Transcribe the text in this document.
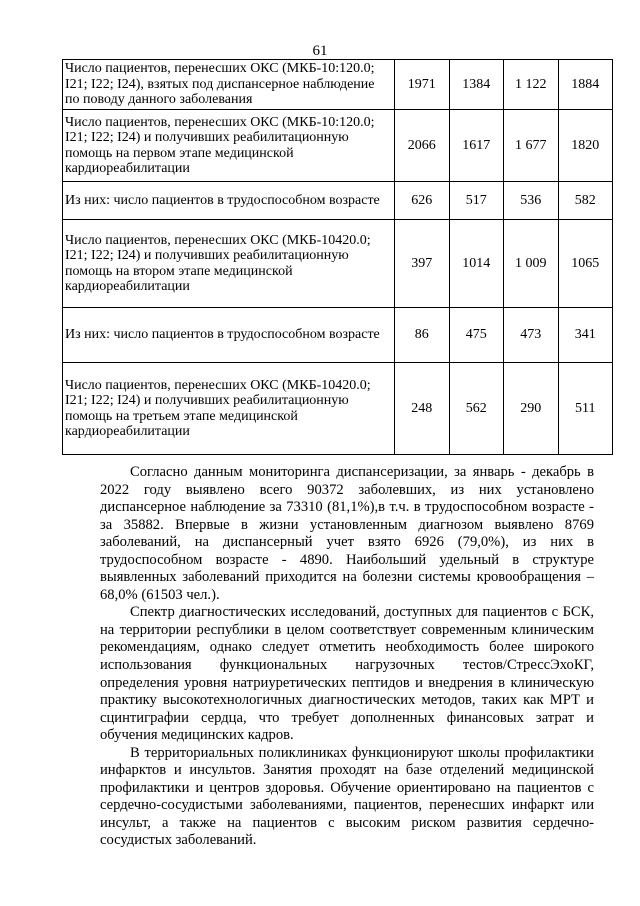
61
Число пациентов, перенесших ОКС (МКБ-10:120.0; I21; I22; I24), взятых под диспансерное наблюдение по поводу данного заболевания	1971	1384	1 122	1884
Число пациентов, перенесших ОКС (МКБ-10:120.0; I21; I22; I24) и получивших реабилитационную помощь на первом этапе медицинской кардиореабилитации	2066	1617	1 677	1820
Из них: число пациентов в трудоспособном возрасте	626	517	536	582
Число пациентов, перенесших ОКС (МКБ-10420.0; I21; I22; I24) и получивших реабилитационную помощь на втором этапе медицинской кардиореабилитации	397	1014	1 009	1065
Из них: число пациентов в трудоспособном возрасте	86	475	473	341
Число пациентов, перенесших ОКС (МКБ-10420.0; I21; I22; I24) и получивших реабилитационную помощь на третьем этапе медицинской кардиореабилитации	248	562	290	511

Согласно данным мониторинга диспансеризации, за январь - декабрь в 2022 году выявлено всего 90372 заболевших, из них установлено диспансерное наблюдение за 73310 (81,1%),в т.ч. в трудоспособном возрасте - за 35882. Впервые в жизни установленным диагнозом выявлено 8769 заболеваний, на диспансерный учет взято 6926 (79,0%), из них в трудоспособном возрасте - 4890. Наибольший удельный в структуре выявленных заболеваний приходится на болезни системы кровообращения – 68,0% (61503 чел.).

Спектр диагностических исследований, доступных для пациентов с БСК, на территории республики в целом соответствует современным клиническим рекомендациям, однако следует отметить необходимость более широкого использования функциональных нагрузочных тестов/СтрессЭхоКГ, определения уровня натриуретических пептидов и внедрения в клиническую практику высокотехнологичных диагностических методов, таких как МРТ и сцинтиграфии сердца, что требует дополненных финансовых затрат и обучения медицинских кадров.

В территориальных поликлиниках функционируют школы профилактики инфарктов и инсультов. Занятия проходят на базе отделений медицинской профилактики и центров здоровья. Обучение ориентировано на пациентов с сердечно-сосудистыми заболеваниями, пациентов, перенесших инфаркт или инсульт, а также на пациентов с высоким риском развития сердечно-сосудистых заболеваний.
